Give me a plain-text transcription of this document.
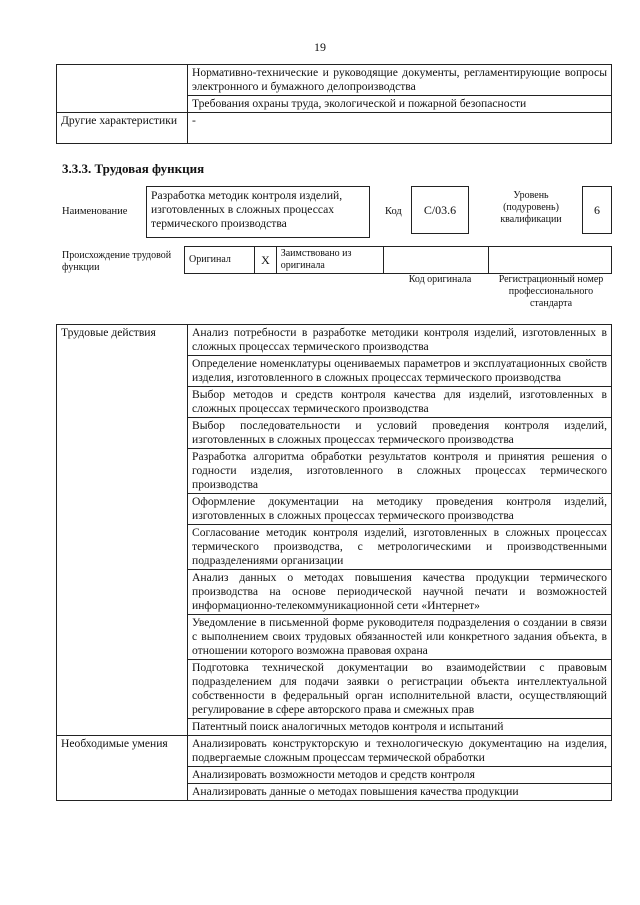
19
	Нормативно-технические и руководящие документы, регламентирующие вопросы электронного и бумажного делопроизводства
	Требования охраны труда, экологической и пожарной безопасности
Другие характеристики	-
3.3.3. Трудовая функция
Наименование
Разработка методик контроля изделий, изготовленных в сложных процессах термического производства
Код	C/03.6
Уровень (подуровень) квалификации
6
Происхождение трудовой функции
Оригинал	X	Заимствовано из оригинала		
Код оригинала	Регистрационный номер профессионального стандарта
Трудовые действия	Анализ потребности в разработке методики контроля изделий, изготовленных в сложных процессах термического производства
	Определение номенклатуры оцениваемых параметров и эксплуатационных свойств изделия, изготовленного в сложных процессах термического производства
	Выбор методов и средств контроля качества для изделий, изготовленных в сложных процессах термического производства
	Выбор последовательности и условий проведения контроля изделий, изготовленных в сложных процессах термического производства
	Разработка алгоритма обработки результатов контроля и принятия решения о годности изделия, изготовленного в сложных процессах термического производства
	Оформление документации на методику проведения контроля изделий, изготовленных в сложных процессах термического производства
	Согласование методик контроля изделий, изготовленных в сложных процессах термического производства, с метрологическими и производственными подразделениями организации
	Анализ данных о методах повышения качества продукции термического производства на основе периодической научной печати и возможностей информационно-телекоммуникационной сети «Интернет»
	Уведомление в письменной форме руководителя подразделения о создании в связи с выполнением своих трудовых обязанностей или конкретного задания объекта, в отношении которого возможна правовая охрана
	Подготовка технической документации во взаимодействии с правовым подразделением для подачи заявки о регистрации объекта интеллектуальной собственности в федеральный орган исполнительной власти, осуществляющий регулирование в сфере авторского права и смежных прав
	Патентный поиск аналогичных методов контроля и испытаний
Необходимые умения	Анализировать конструкторскую и технологическую документацию на изделия, подвергаемые сложным процессам термической обработки
	Анализировать возможности методов и средств контроля
	Анализировать данные о методах повышения качества продукции
